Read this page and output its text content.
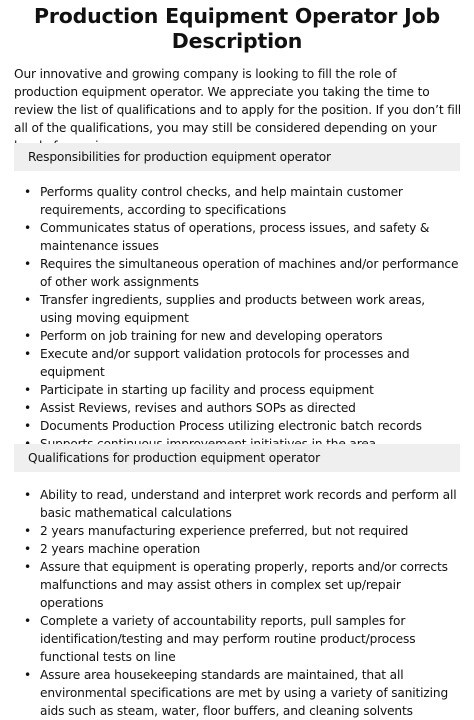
Production Equipment Operator Job Description

Our innovative and growing company is looking to fill the role of production equipment operator. We appreciate you taking the time to review the list of qualifications and to apply for the position. If you don’t fill all of the qualifications, you may still be considered depending on your

Responsibilities for production equipment operator
• Performs quality control checks, and help maintain customer requirements, according to specifications
• Communicates status of operations, process issues, and safety & maintenance issues
• Requires the simultaneous operation of machines and/or performance of other work assignments
• Transfer ingredients, supplies and products between work areas, using moving equipment
• Perform on job training for new and developing operators
• Execute and/or support validation protocols for processes and equipment
• Participate in starting up facility and process equipment
• Assist Reviews, revises and authors SOPs as directed
• Documents Production Process utilizing electronic batch records
•
Qualifications for production equipment operator
• Ability to read, understand and interpret work records and perform all basic mathematical calculations
• 2 years manufacturing experience preferred, but not required
• 2 years machine operation
• Assure that equipment is operating properly, reports and/or corrects malfunctions and may assist others in complex set up/repair operations
• Complete a variety of accountability reports, pull samples for identification/testing and may perform routine product/process functional tests on line
• Assure area housekeeping standards are maintained, that all environmental specifications are met by using a variety of sanitizing aids such as steam, water, floor buffers, and cleaning solvents
